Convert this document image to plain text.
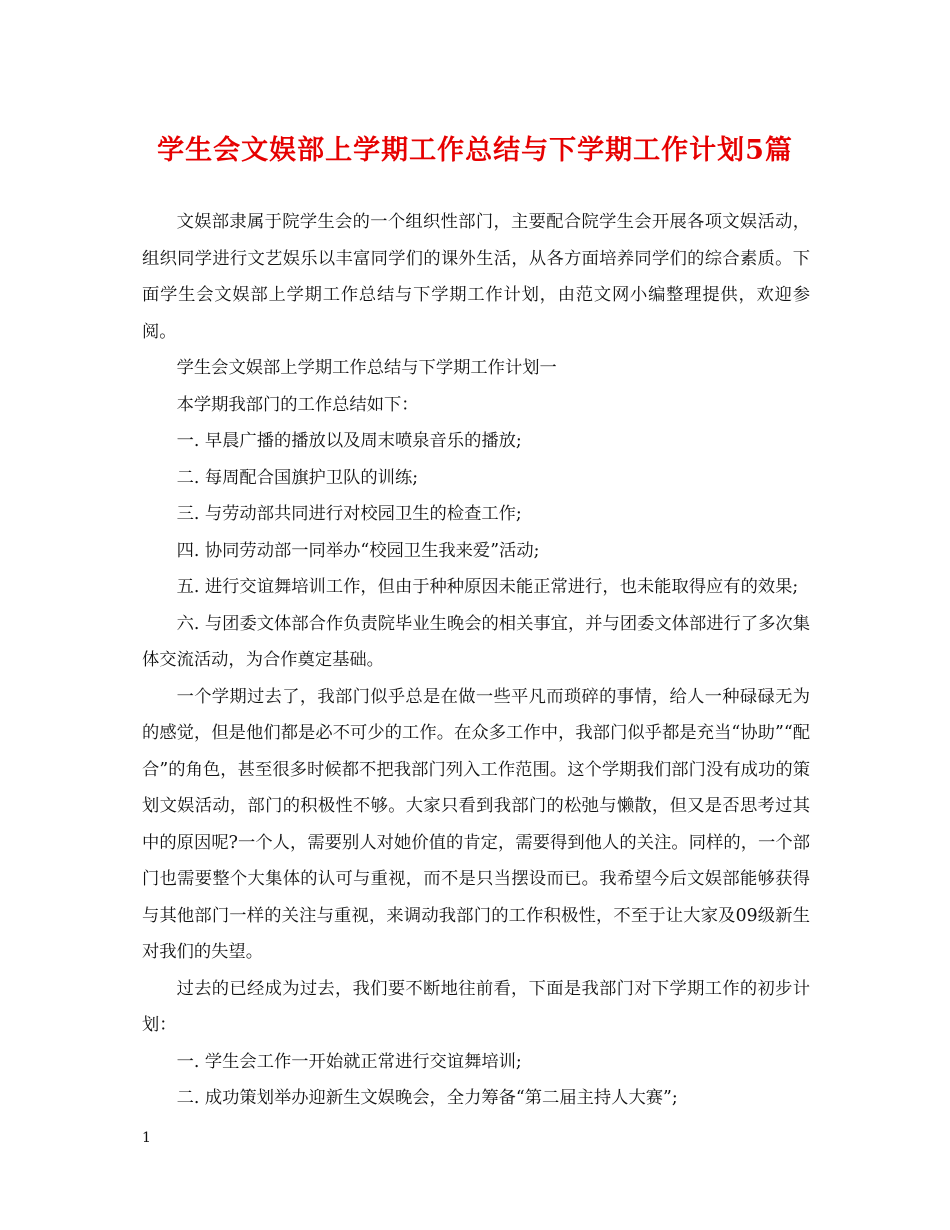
学生会文娱部上学期工作总结与下学期工作计划5篇

文娱部隶属于院学生会的一个组织性部门，主要配合院学生会开展各项文娱活动，组织同学进行文艺娱乐以丰富同学们的课外生活，从各方面培养同学们的综合素质。下面学生会文娱部上学期工作总结与下学期工作计划，由范文网小编整理提供，欢迎参阅。

学生会文娱部上学期工作总结与下学期工作计划一

本学期我部门的工作总结如下：

一. 早晨广播的播放以及周末喷泉音乐的播放;

二. 每周配合国旗护卫队的训练;

三. 与劳动部共同进行对校园卫生的检查工作;

四. 协同劳动部一同举办“校园卫生我来爱”活动;

五. 进行交谊舞培训工作，但由于种种原因未能正常进行，也未能取得应有的效果;

六. 与团委文体部合作负责院毕业生晚会的相关事宜，并与团委文体部进行了多次集体交流活动，为合作奠定基础。

一个学期过去了，我部门似乎总是在做一些平凡而琐碎的事情，给人一种碌碌无为的感觉，但是他们都是必不可少的工作。在众多工作中，我部门似乎都是充当“协助”“配合”的角色，甚至很多时候都不把我部门列入工作范围。这个学期我们部门没有成功的策划文娱活动，部门的积极性不够。大家只看到我部门的松弛与懒散，但又是否思考过其中的原因呢?一个人，需要别人对她价值的肯定，需要得到他人的关注。同样的，一个部门也需要整个大集体的认可与重视，而不是只当摆设而已。我希望今后文娱部能够获得与其他部门一样的关注与重视，来调动我部门的工作积极性，不至于让大家及09级新生对我们的失望。

过去的已经成为过去，我们要不断地往前看，下面是我部门对下学期工作的初步计划：

一. 学生会工作一开始就正常进行交谊舞培训;

二. 成功策划举办迎新生文娱晚会，全力筹备“第二届主持人大赛”;

1
